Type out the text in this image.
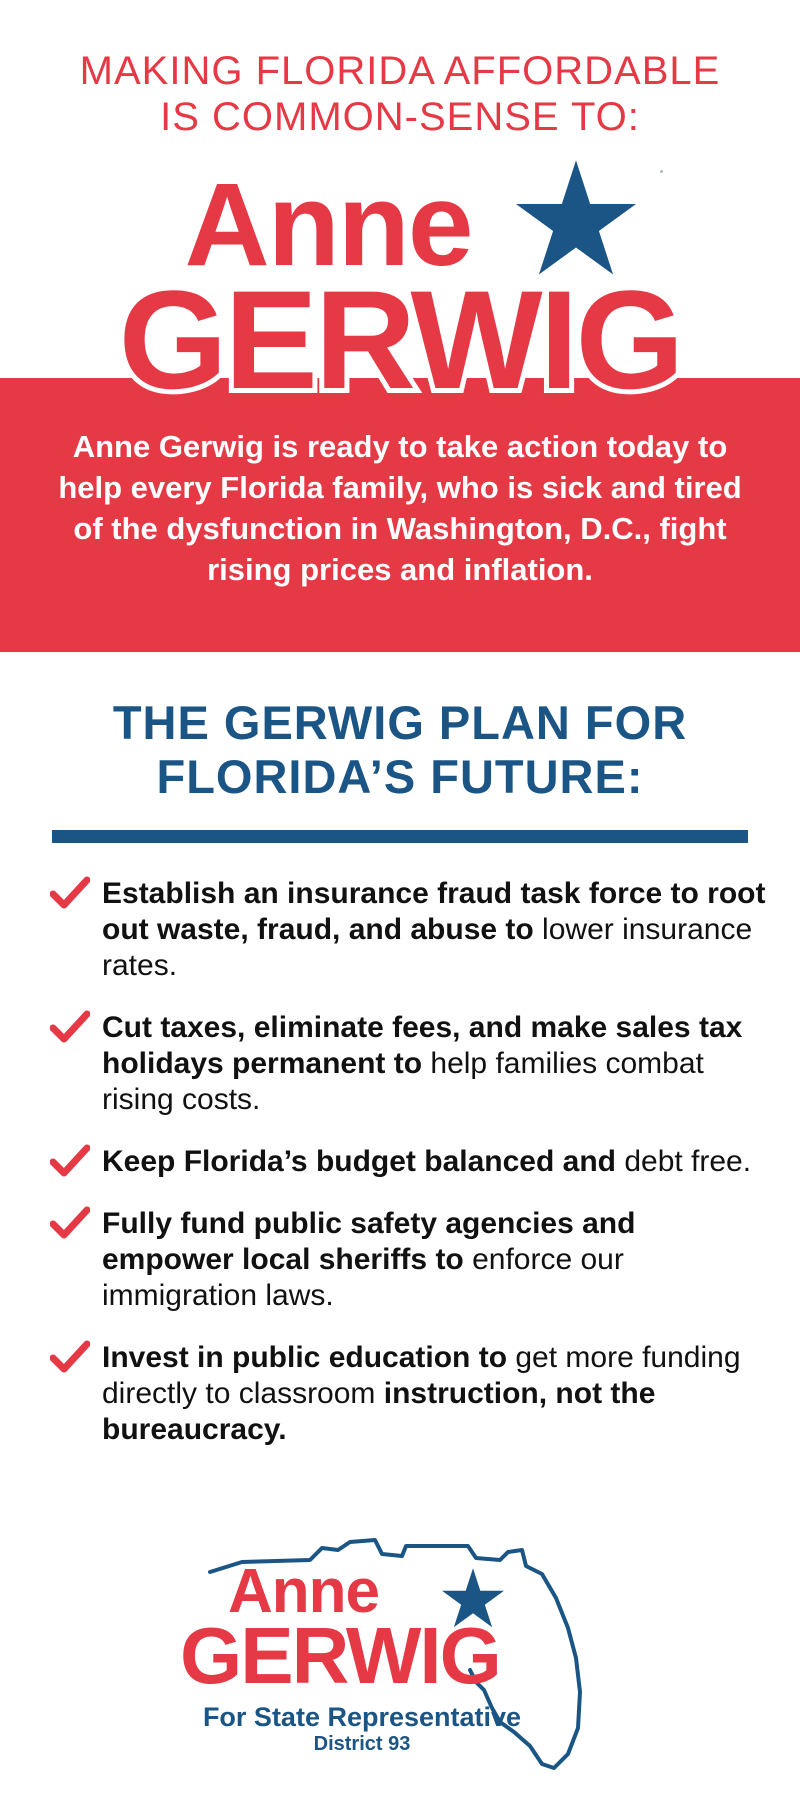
MAKING FLORIDA AFFORDABLE
IS COMMON-SENSE TO:
Anne
GERWIG
Anne Gerwig is ready to take action today to help every Florida family, who is sick and tired of the dysfunction in Washington, D.C., fight rising prices and inflation.
THE GERWIG PLAN FOR
FLORIDA’S FUTURE:
Establish an insurance fraud task force to root out waste, fraud, and abuse to lower insurance rates.
Cut taxes, eliminate fees, and make sales tax holidays permanent to help families combat rising costs.
Keep Florida’s budget balanced and debt free.
Fully fund public safety agencies and empower local sheriffs to enforce our immigration laws.
Invest in public education to get more funding directly to classroom instruction, not the bureaucracy.
Anne
GERWIG
For State Representative
District 93
